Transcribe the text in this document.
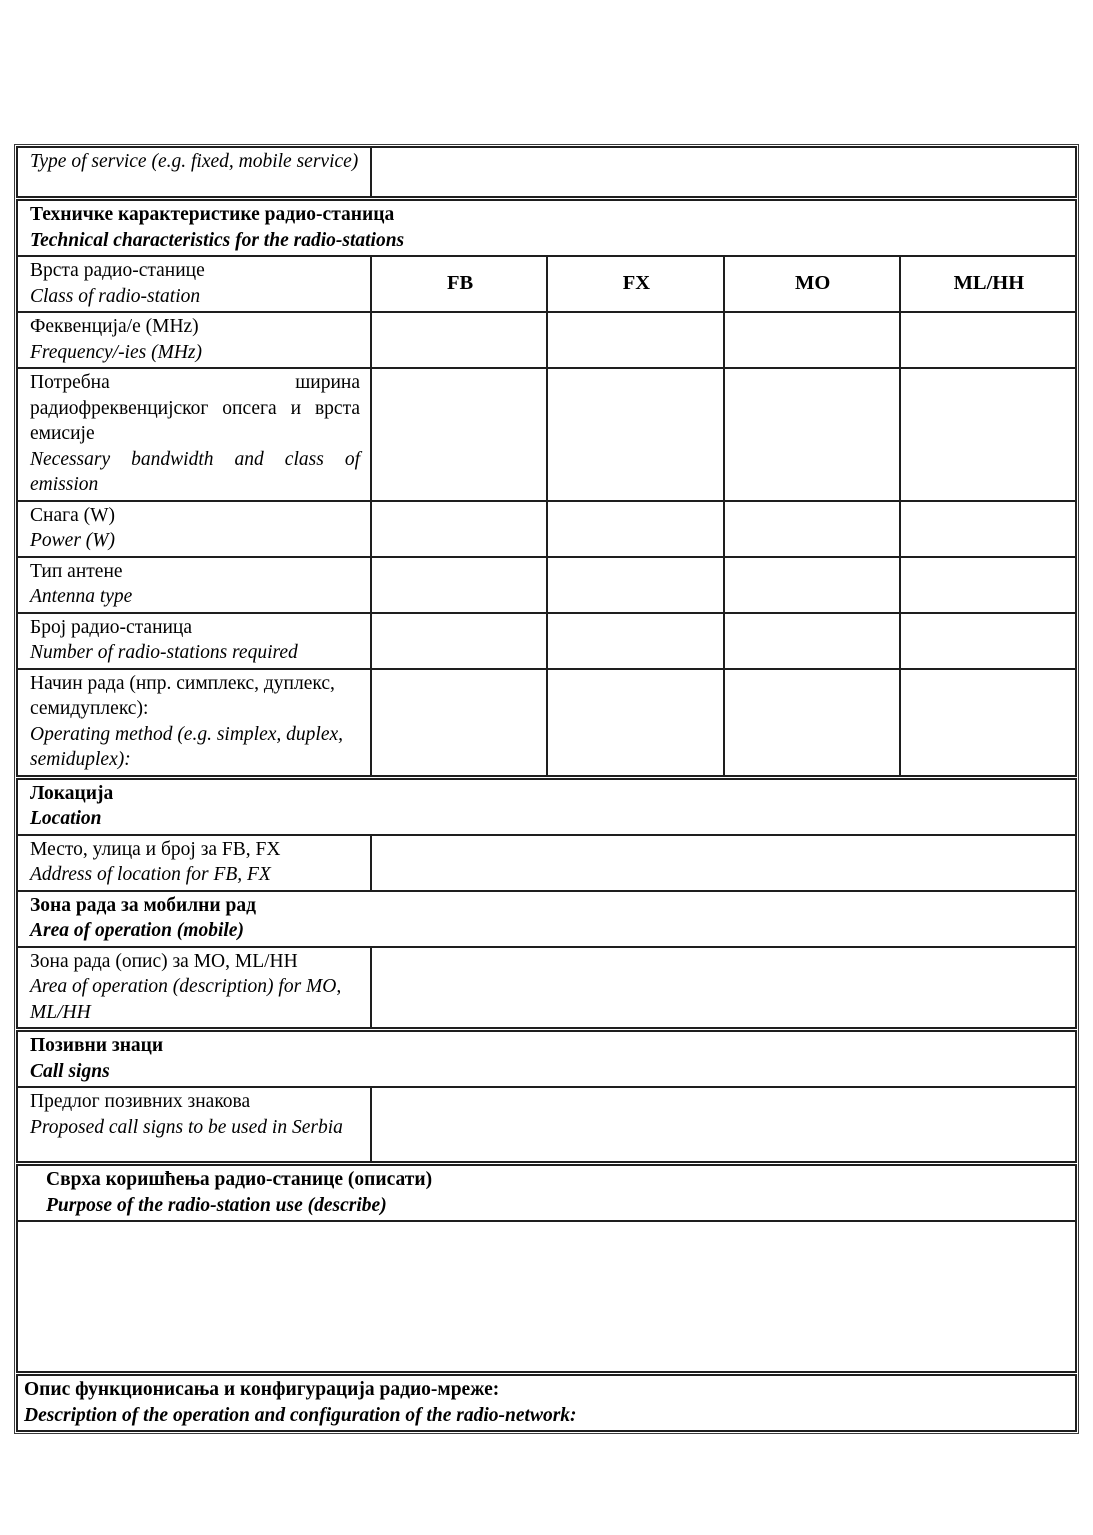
Type of service (e.g. fixed, mobile service)
Техничке карактеристике радио-станица
Technical characteristics for the radio-stations
Врста радио-станице
Class of radio-station
FB	FX	MO	ML/HH
Феквенција/е (MHz)
Frequency/-ies (MHz)
Потребна ширина радиофреквенцијског опсега и врста емисије
Necessary bandwidth and class of emission
Снага (W)
Power (W)
Тип антене
Antenna type
Број радио-станица
Number of radio-stations required
Начин рада (нпр. симплекс, дуплекс, семидуплекс):
Operating method (e.g. simplex, duplex, semiduplex):
Локација
Location
Место, улица и број за FB, FX
Address of location for FB, FX
Зона рада за мобилни рад
Area of operation (mobile)
Зона рада (опис) за MO, ML/HH
Area of operation (description) for MO, ML/HH
Позивни знаци
Call signs
Предлог позивних знакова
Proposed call signs to be used in Serbia
Сврха коришћења радио-станице (описати)
Purpose of the radio-station use (describe)
Опис функционисања и конфигурација радио-мреже:
Description of the operation and configuration of the radio-network:
